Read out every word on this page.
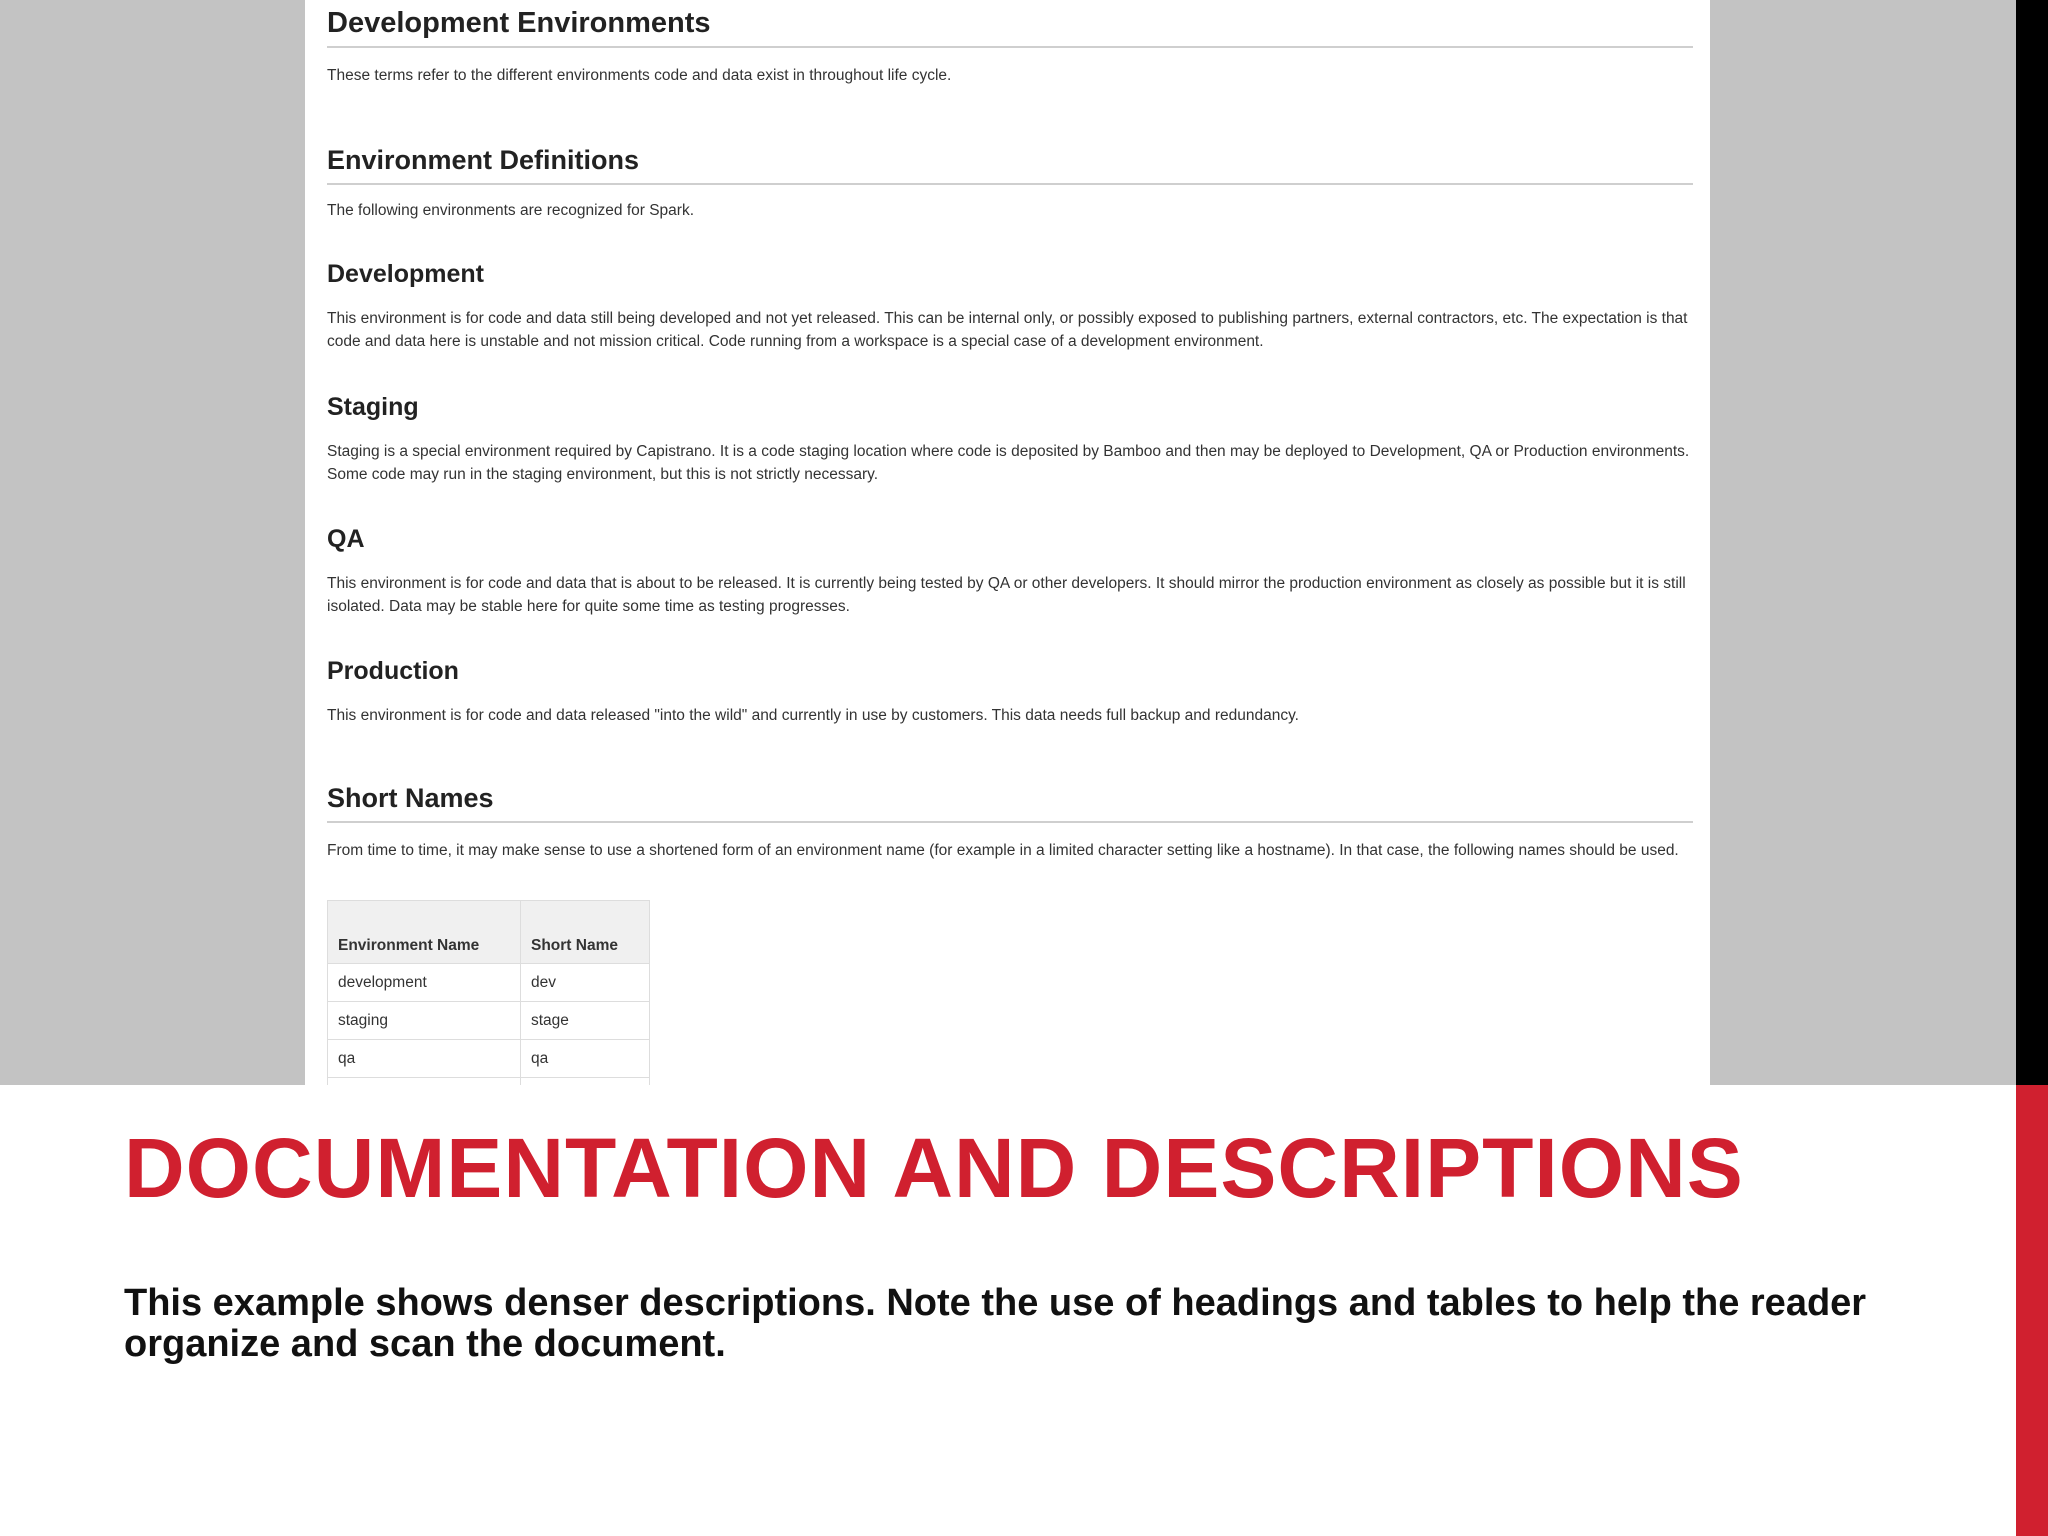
Development Environments
These terms refer to the different environments code and data exist in throughout life cycle.
Environment Definitions
The following environments are recognized for Spark.
Development
This environment is for code and data still being developed and not yet released. This can be internal only, or possibly exposed to publishing partners, external contractors, etc. The expectation is that code and data here is unstable and not mission critical. Code running from a workspace is a special case of a development environment.
Staging
Staging is a special environment required by Capistrano. It is a code staging location where code is deposited by Bamboo and then may be deployed to Development, QA or Production environments. Some code may run in the staging environment, but this is not strictly necessary.
QA
This environment is for code and data that is about to be released. It is currently being tested by QA or other developers. It should mirror the production environment as closely as possible but it is still isolated. Data may be stable here for quite some time as testing progresses.
Production
This environment is for code and data released "into the wild" and currently in use by customers. This data needs full backup and redundancy.
Short Names
From time to time, it may make sense to use a shortened form of an environment name (for example in a limited character setting like a hostname). In that case, the following names should be used.
Environment Name	Short Name
development	dev
staging	stage
qa	qa

DOCUMENTATION AND DESCRIPTIONS
This example shows denser descriptions. Note the use of headings and tables to help the reader organize and scan the document.
